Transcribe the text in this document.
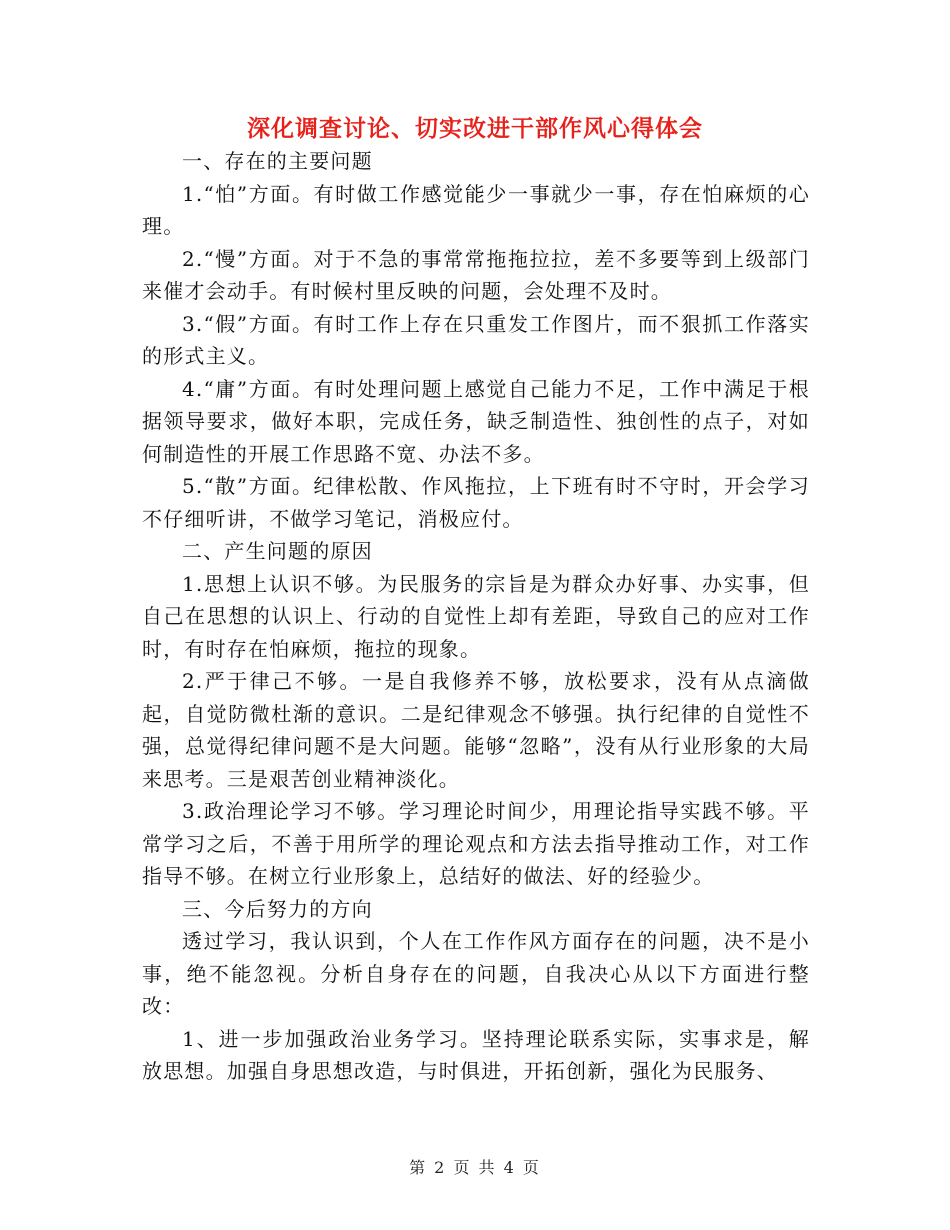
深化调查讨论、切实改进干部作风心得体会

一、存在的主要问题

1.“怕”方面。有时做工作感觉能少一事就少一事，存在怕麻烦的心理。

2.“慢”方面。对于不急的事常常拖拖拉拉，差不多要等到上级部门来催才会动手。有时候村里反映的问题，会处理不及时。

3.“假”方面。有时工作上存在只重发工作图片，而不狠抓工作落实的形式主义。

4.“庸”方面。有时处理问题上感觉自己能力不足，工作中满足于根据领导要求，做好本职，完成任务，缺乏制造性、独创性的点子，对如何制造性的开展工作思路不宽、办法不多。

5.“散”方面。纪律松散、作风拖拉，上下班有时不守时，开会学习不仔细听讲，不做学习笔记，消极应付。

二、产生问题的原因

1.思想上认识不够。为民服务的宗旨是为群众办好事、办实事，但自己在思想的认识上、行动的自觉性上却有差距，导致自己的应对工作时，有时存在怕麻烦，拖拉的现象。

2.严于律己不够。一是自我修养不够，放松要求，没有从点滴做起，自觉防微杜渐的意识。二是纪律观念不够强。执行纪律的自觉性不强，总觉得纪律问题不是大问题。能够“忽略”，没有从行业形象的大局来思考。三是艰苦创业精神淡化。

3.政治理论学习不够。学习理论时间少，用理论指导实践不够。平常学习之后，不善于用所学的理论观点和方法去指导推动工作，对工作指导不够。在树立行业形象上，总结好的做法、好的经验少。

三、今后努力的方向

透过学习，我认识到，个人在工作作风方面存在的问题，决不是小事，绝不能忽视。分析自身存在的问题，自我决心从以下方面进行整改：

1、进一步加强政治业务学习。坚持理论联系实际，实事求是，解放思想。加强自身思想改造，与时俱进，开拓创新，强化为民服务、

第 2 页 共 4 页
